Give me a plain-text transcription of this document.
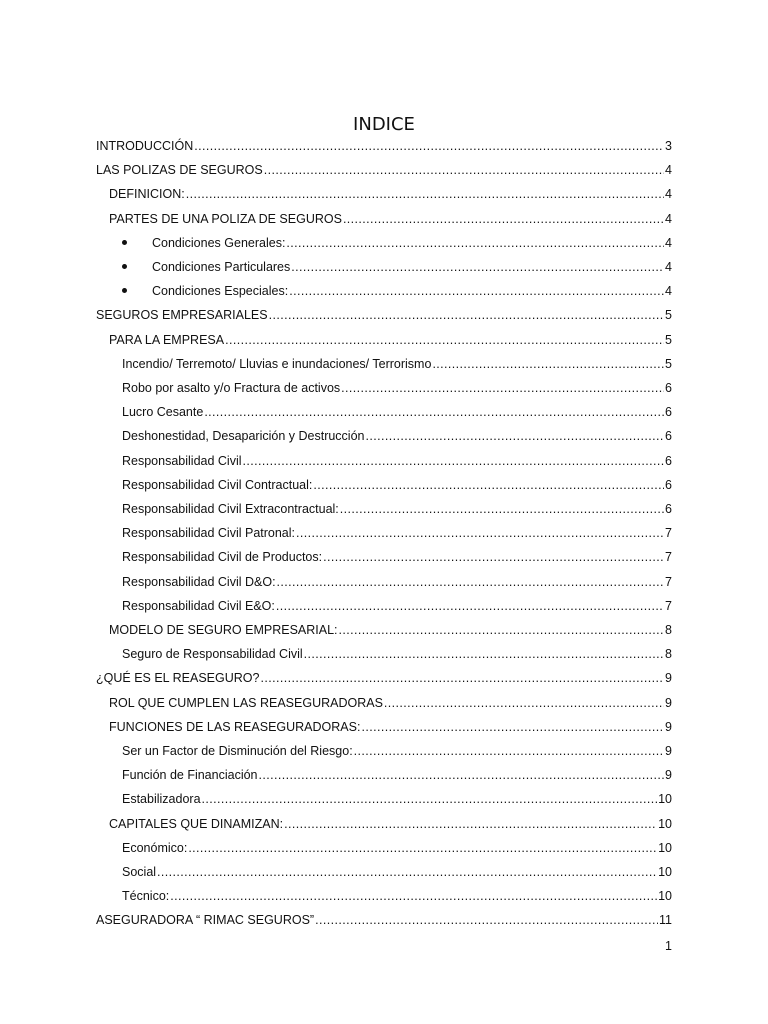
INDICE
INTRODUCCIÓN .....	3
LAS POLIZAS DE SEGUROS .....	4
DEFINICION: .....	4
PARTES DE UNA POLIZA DE SEGUROS .....	4
Condiciones Generales: .....	4
Condiciones Particulares .....	4
Condiciones Especiales: .....	4
SEGUROS EMPRESARIALES .....	5
PARA LA EMPRESA .....	5
Incendio/ Terremoto/ Lluvias e inundaciones/ Terrorismo .....	5
Robo por asalto y/o Fractura de activos .....	6
Lucro Cesante .....	6
Deshonestidad, Desaparición y Destrucción .....	6
Responsabilidad Civil .....	6
Responsabilidad Civil Contractual: .....	6
Responsabilidad Civil Extracontractual: .....	6
Responsabilidad Civil Patronal: .....	7
Responsabilidad Civil de Productos: .....	7
Responsabilidad Civil D&O: .....	7
Responsabilidad Civil E&O: .....	7
MODELO DE SEGURO EMPRESARIAL: .....	8
Seguro de Responsabilidad Civil .....	8
¿QUÉ ES EL REASEGURO? .....	9
ROL QUE CUMPLEN LAS REASEGURADORAS .....	9
FUNCIONES DE LAS REASEGURADORAS: .....	9
Ser un Factor de Disminución del Riesgo: .....	9
Función de Financiación .....	9
Estabilizadora .....	10
CAPITALES QUE DINAMIZAN: .....	10
Económico: .....	10
Social .....	10
Técnico: .....	10
ASEGURADORA “ RIMAC SEGUROS” .....	11
1
